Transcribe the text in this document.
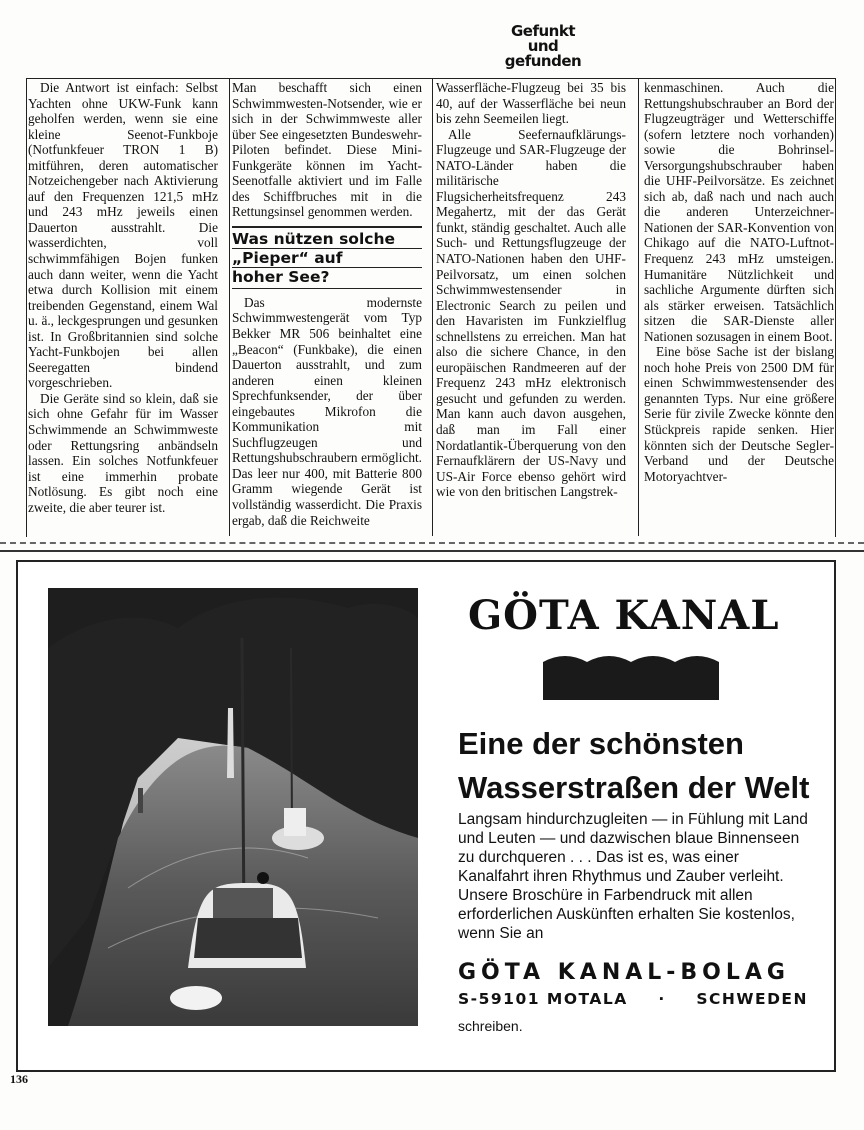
Gefunkt
und
gefunden

Die Antwort ist einfach: Selbst Yachten ohne UKW-Funk kann geholfen werden, wenn sie eine kleine Seenot-Funkboje (Notfunkfeuer TRON 1 B) mitführen, deren automatischer Notzeichengeber nach Aktivierung auf den Frequenzen 121,5 mHz und 243 mHz jeweils einen Dauerton ausstrahlt. Die wasserdichten, voll schwimmfähigen Bojen funken auch dann weiter, wenn die Yacht etwa durch Kollision mit einem treibenden Gegenstand, einem Wal u. ä., leckgesprungen und gesunken ist. In Großbritannien sind solche Yacht-Funkbojen bei allen Seeregatten bindend vorgeschrieben.

Die Geräte sind so klein, daß sie sich ohne Gefahr für im Wasser Schwimmende an Schwimmweste oder Rettungsring anbändseln lassen. Ein solches Notfunkfeuer ist eine immerhin probate Notlösung. Es gibt noch eine zweite, die aber teurer ist.

Man beschafft sich einen Schwimmwesten-Notsender, wie er sich in der Schwimmweste aller über See eingesetzten Bundeswehr-Piloten befindet. Diese Mini-Funkgeräte können im Yacht-Seenotfalle aktiviert und im Falle des Schiffbruches mit in die Rettungsinsel genommen werden.

Was nützen solche
„Pieper“ auf
hoher See?

Das modernste Schwimmwestengerät vom Typ Bekker MR 506 beinhaltet eine „Beacon“ (Funkbake), die einen Dauerton ausstrahlt, und zum anderen einen kleinen Sprechfunksender, der über eingebautes Mikrofon die Kommunikation mit Suchflugzeugen und Rettungshubschraubern ermöglicht. Das leer nur 400, mit Batterie 800 Gramm wiegende Gerät ist vollständig wasserdicht. Die Praxis ergab, daß die Reichweite

Wasserfläche-Flugzeug bei 35 bis 40, auf der Wasserfläche bei neun bis zehn Seemeilen liegt.

Alle Seefernaufklärungs-Flugzeuge und SAR-Flugzeuge der NATO-Länder haben die militärische Flugsicherheitsfrequenz 243 Megahertz, mit der das Gerät funkt, ständig geschaltet. Auch alle Such- und Rettungsflugzeuge der NATO-Nationen haben den UHF-Peilvorsatz, um einen solchen Schwimmwestensender in Electronic Search zu peilen und den Havaristen im Funkzielflug schnellstens zu erreichen. Man hat also die sichere Chance, in den europäischen Randmeeren auf der Frequenz 243 mHz elektronisch gesucht und gefunden zu werden. Man kann auch davon ausgehen, daß man im Fall einer Nordatlantik-Überquerung von den Fernaufklärern der US-Navy und US-Air Force ebenso gehört wird wie von den britischen Langstrek-

kenmaschinen. Auch die Rettungshubschrauber an Bord der Flugzeugträger und Wetterschiffe (sofern letztere noch vorhanden) sowie die Bohrinsel-Versorgungshubschrauber haben die UHF-Peilvorsätze. Es zeichnet sich ab, daß nach und nach auch die anderen Unterzeichner-Nationen der SAR-Konvention von Chikago auf die NATO-Luftnot-Frequenz 243 mHz umsteigen. Humanitäre Nützlichkeit und sachliche Argumente dürften sich als stärker erweisen. Tatsächlich sitzen die SAR-Dienste aller Nationen sozusagen in einem Boot.

Eine böse Sache ist der bislang noch hohe Preis von 2500 DM für einen Schwimmwestensender des genannten Typs. Nur eine größere Serie für zivile Zwecke könnte den Stückpreis rapide senken. Hier könnten sich der Deutsche Segler-Verband und der Deutsche Motoryachtver-

GÖTA KANAL
Eine der schönsten
Wasserstraßen der Welt

Langsam hindurchzugleiten — in Fühlung mit Land und Leuten — und dazwischen blaue Binnenseen zu durchqueren . . . Das ist es, was einer Kanalfahrt ihren Rhythmus und Zauber verleiht.

Unsere Broschüre in Farbendruck mit allen erforderlichen Auskünften erhalten Sie kostenlos, wenn Sie an

GÖTA KANAL-BOLAG
S-59101 MOTALA · SCHWEDEN
schreiben.
136
